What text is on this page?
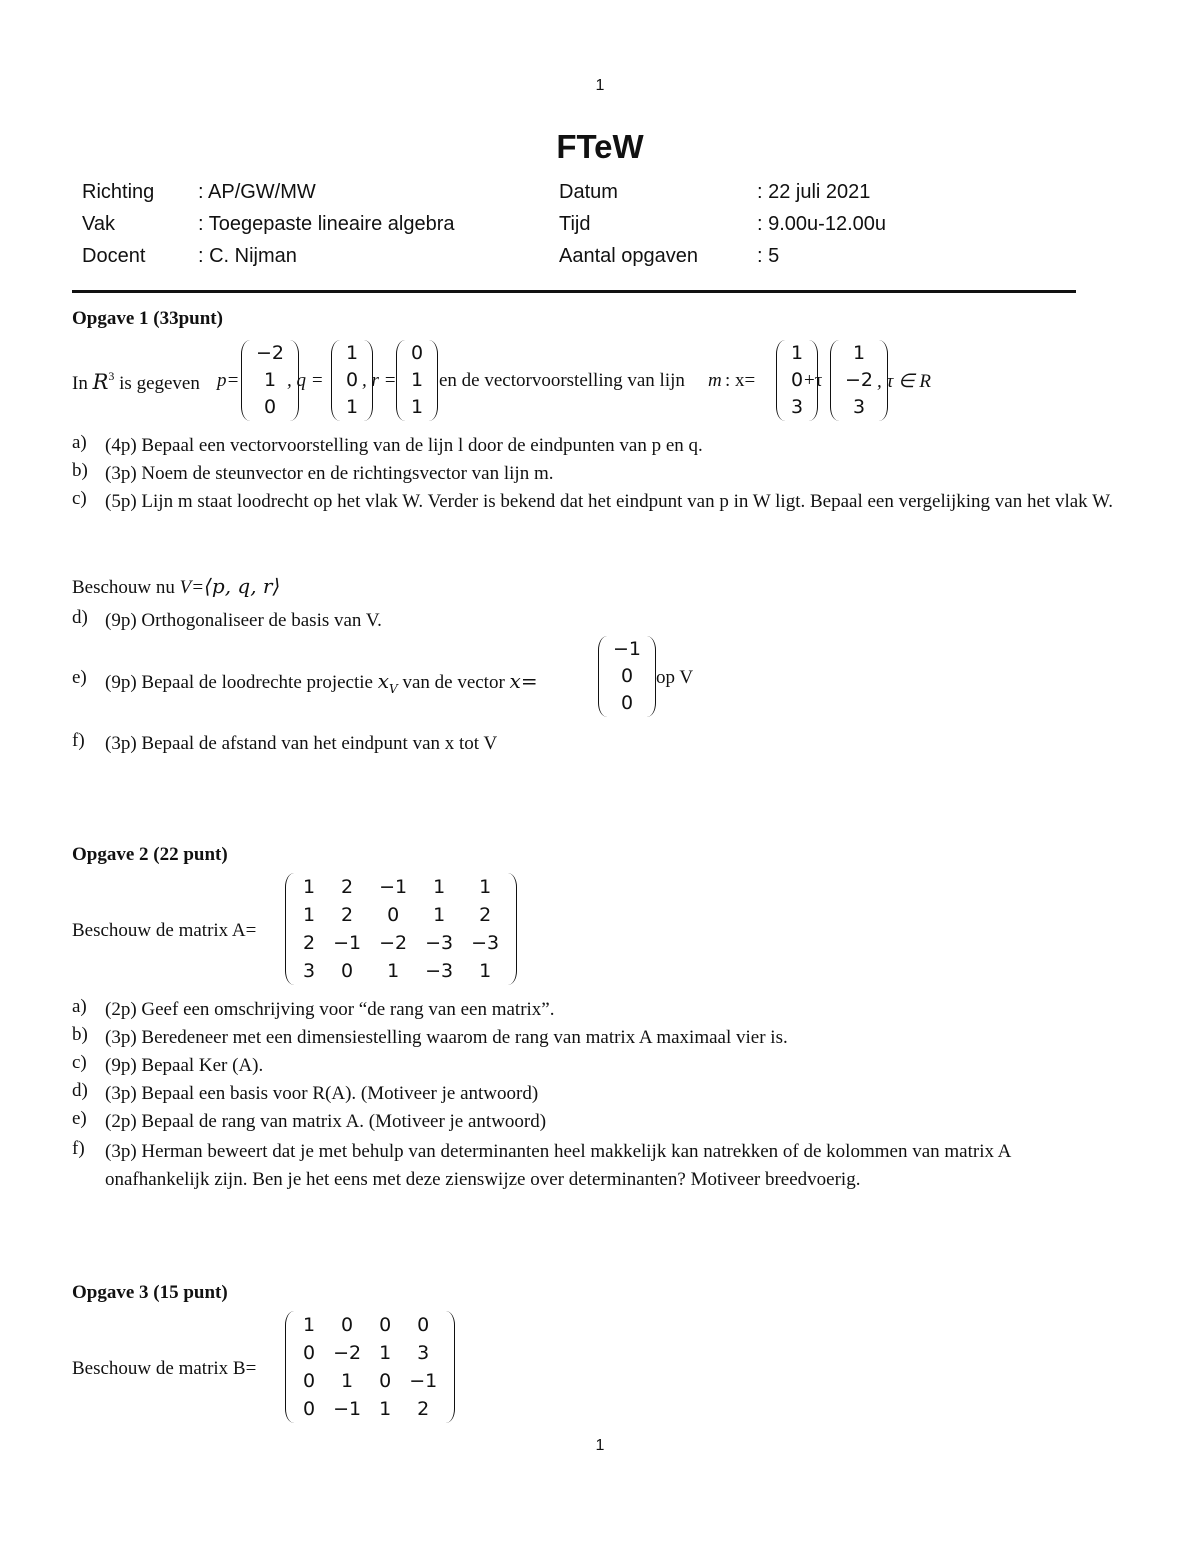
1
FTeW
Richting : AP/GW/MW
Vak	: Toegepaste lineaire algebra
Docent	: C. Nijman
Datum	: 22 juli 2021
Tijd	: 9.00u-12.00u
Aantal opgaven	: 5
Opgave 1 (33punt)
In $R^3$ is gegeven p=
−2
1
0
, q =
1
0
1
, r =
0
1
1
en de vectorvoorstelling van lijn m : x=
1
0
3
+τ
1
−2
3
, τ ∈ R
a) (4p) Bepaal een vectorvoorstelling van de lijn l door de eindpunten van p en q.
b) (3p) Noem de steunvector en de richtingsvector van lijn m.
c) (5p) Lijn m staat loodrecht op het vlak W. Verder is bekend dat het eindpunt van p in W ligt. Bepaal een vergelijking van het vlak W.
Beschouw nu V=⟨p, q, r⟩
d) (9p) Orthogonaliseer de basis van V.
e) (9p) Bepaal de loodrechte projectie $x_V$ van de vector x=
−1
0
0
op V
f) (3p) Bepaal de afstand van het eindpunt van x tot V
Opgave 2 (22 punt)
Beschouw de matrix A=
1	2	−1	1	1
1	2	0	1	2
2	−1	−2	−3	−3
3	0	1	−3	1
a) (2p) Geef een omschrijving voor “de rang van een matrix”.
b) (3p) Beredeneer met een dimensiestelling waarom de rang van matrix A maximaal vier is.
c) (9p) Bepaal Ker (A).
d) (3p) Bepaal een basis voor R(A). (Motiveer je antwoord)
e) (2p) Bepaal de rang van matrix A. (Motiveer je antwoord)
f) (3p) Herman beweert dat je met behulp van determinanten heel makkelijk kan natrekken of de kolommen van matrix A onafhankelijk zijn. Ben je het eens met deze zienswijze over determinanten? Motiveer breedvoerig.
Opgave 3 (15 punt)
Beschouw de matrix B=
1	0	0	0
0	−2	1	3
0	1	0	−1
0	−1	1	2
1
